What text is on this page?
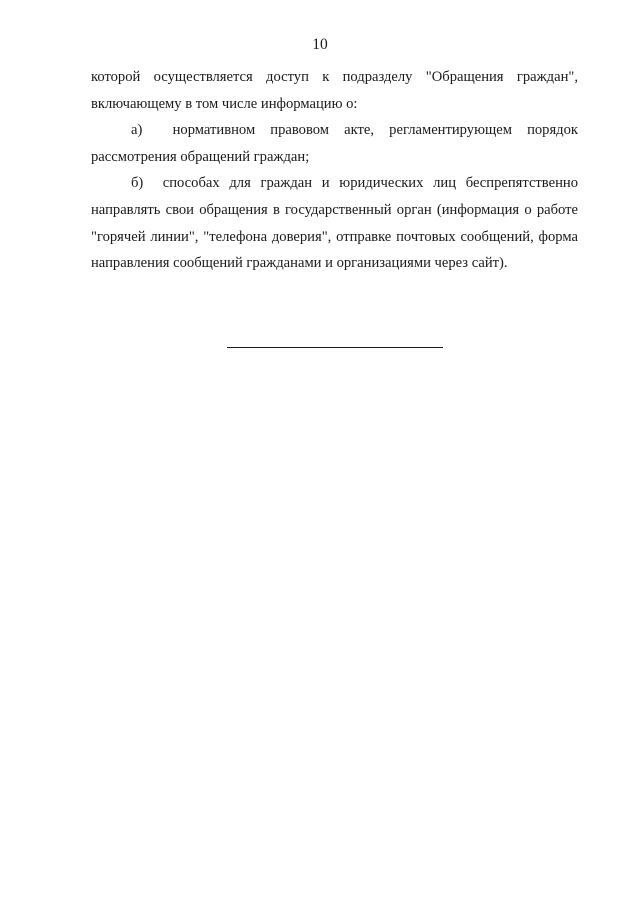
10

которой осуществляется доступ к подразделу "Обращения граждан", включающему в том числе информацию о:

а)  нормативном правовом акте, регламентирующем порядок рассмотрения обращений граждан;

б)  способах для граждан и юридических лиц беспрепятственно направлять свои обращения в государственный орган (информация о работе "горячей линии", "телефона доверия", отправке почтовых сообщений, форма направления сообщений гражданами и организациями через сайт).
